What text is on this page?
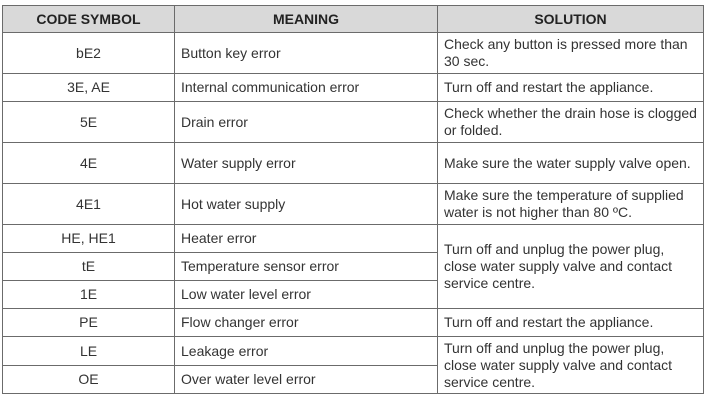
CODE SYMBOL	MEANING	SOLUTION
bE2	Button key error	Check any button is pressed more than 30 sec.
3E, AE	Internal communication error	Turn off and restart the appliance.
5E	Drain error	Check whether the drain hose is clogged or folded.
4E	Water supply error	Make sure the water supply valve open.
4E1	Hot water supply	Make sure the temperature of supplied water is not higher than 80 ºC.
HE, HE1	Heater error	Turn off and unplug the power plug, close water supply valve and contact service centre.
tE	Temperature sensor error	
1E	Low water level error	
PE	Flow changer error	Turn off and restart the appliance.
LE	Leakage error	Turn off and unplug the power plug, close water supply valve and contact service centre.
OE	Over water level error	
